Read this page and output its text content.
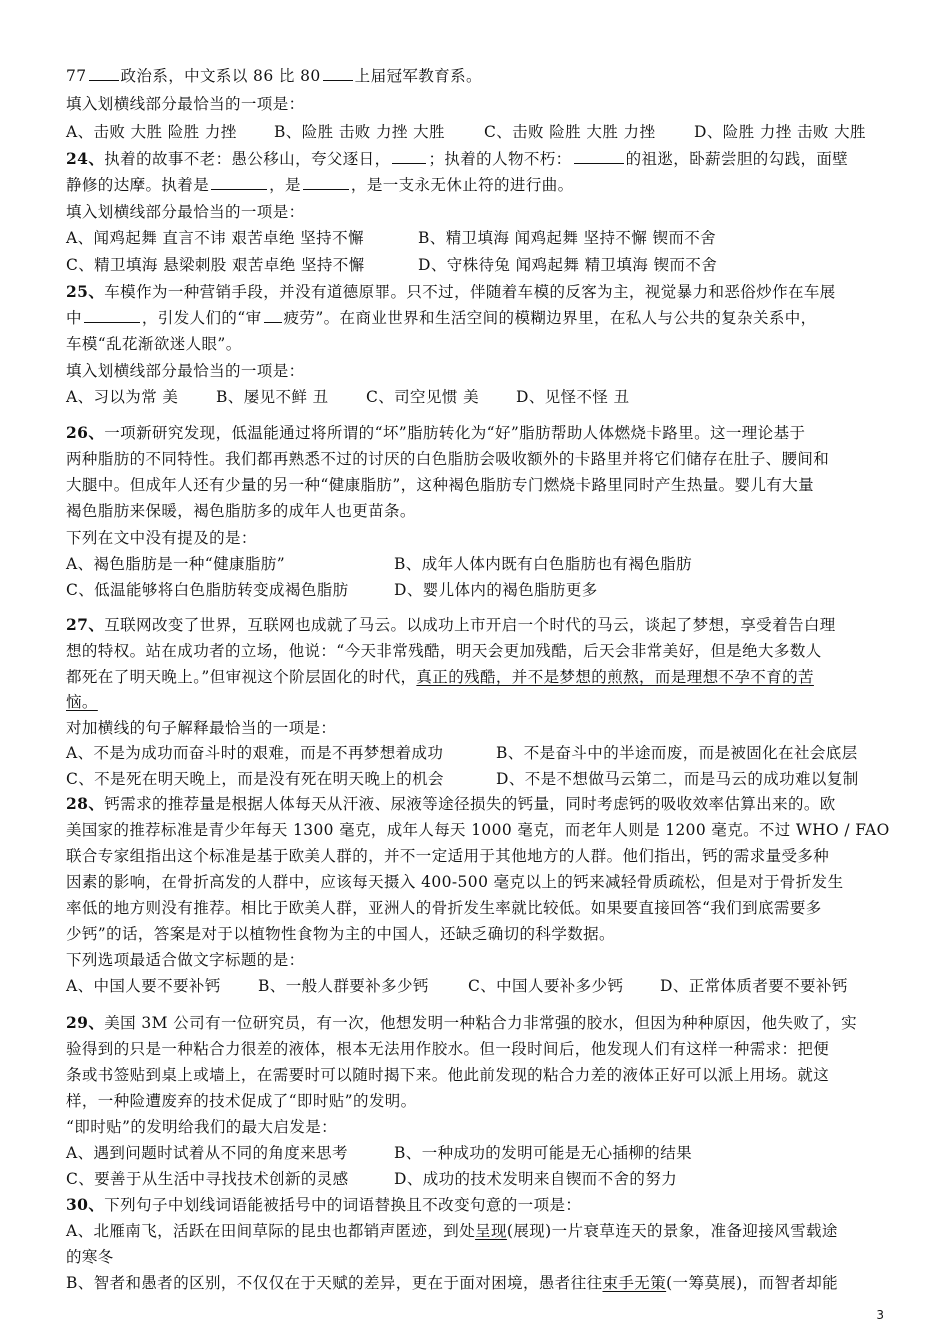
77 政治系，中文系以 86 比 80 上届冠军教育系。
填入划横线部分最恰当的一项是：
A、击败 大胜 险胜 力挫 B、险胜 击败 力挫 大胜	C、击败 险胜 大胜 力挫 D、险胜 力挫 击败 大胜
24、执着的故事不老：愚公移山，夸父逐日， ；执着的人物不朽：	的祖逖，卧薪尝胆的勾践，面壁
静修的达摩。执着是	，是	，是一支永无休止符的进行曲。
填入划横线部分最恰当的一项是：
A、闻鸡起舞 直言不讳 艰苦卓绝 坚持不懈	B、精卫填海 闻鸡起舞 坚持不懈 锲而不舍
C、精卫填海 悬梁刺股 艰苦卓绝 坚持不懈	D、守株待兔 闻鸡起舞 精卫填海 锲而不舍
25、车模作为一种营销手段，并没有道德原罪。只不过，伴随着车模的反客为主，视觉暴力和恶俗炒作在车展
中	，引发人们的“审 疲劳”。在商业世界和生活空间的模糊边界里，在私人与公共的复杂关系中，
车模“乱花渐欲迷人眼”。
填入划横线部分最恰当的一项是：
A、习以为常 美 B、屡见不鲜 丑 C、司空见惯 美 D、见怪不怪 丑
26、一项新研究发现，低温能通过将所谓的“坏”脂肪转化为“好”脂肪帮助人体燃烧卡路里。这一理论基于
两种脂肪的不同特性。我们都再熟悉不过的讨厌的白色脂肪会吸收额外的卡路里并将它们储存在肚子、腰间和
大腿中。但成年人还有少量的另一种“健康脂肪”，这种褐色脂肪专门燃烧卡路里同时产生热量。婴儿有大量
褐色脂肪来保暖，褐色脂肪多的成年人也更苗条。
下列在文中没有提及的是：
A、褐色脂肪是一种“健康脂肪”	B、成年人体内既有白色脂肪也有褐色脂肪
C、低温能够将白色脂肪转变成褐色脂肪	D、婴儿体内的褐色脂肪更多
27、互联网改变了世界，互联网也成就了马云。以成功上市开启一个时代的马云，谈起了梦想，享受着告白理
想的特权。站在成功者的立场，他说：“今天非常残酷，明天会更加残酷，后天会非常美好，但是绝大多数人
都死在了明天晚上。”但审视这个阶层固化的时代，真正的残酷，并不是梦想的煎熬，而是理想不孕不育的苦
恼。
对加横线的句子解释最恰当的一项是：
A、不是为成功而奋斗时的艰难，而是不再梦想着成功	B、不是奋斗中的半途而废，而是被固化在社会底层
C、不是死在明天晚上，而是没有死在明天晚上的机会	D、不是不想做马云第二，而是马云的成功难以复制
28、钙需求的推荐量是根据人体每天从汗液、尿液等途径损失的钙量，同时考虑钙的吸收效率估算出来的。欧
美国家的推荐标准是青少年每天 1300 毫克，成年人每天 1000 毫克，而老年人则是 1200 毫克。不过 WHO / FAO
联合专家组指出这个标准是基于欧美人群的，并不一定适用于其他地方的人群。他们指出，钙的需求量受多种
因素的影响，在骨折高发的人群中，应该每天摄入 400-500 毫克以上的钙来减轻骨质疏松，但是对于骨折发生
率低的地方则没有推荐。相比于欧美人群，亚洲人的骨折发生率就比较低。如果要直接回答“我们到底需要多
少钙”的话，答案是对于以植物性食物为主的中国人，还缺乏确切的科学数据。
下列选项最适合做文字标题的是：
A、中国人要不要补钙 B、一般人群要补多少钙	C、中国人要补多少钙 D、正常体质者要不要补钙
29、美国 3M 公司有一位研究员，有一次，他想发明一种粘合力非常强的胶水，但因为种种原因，他失败了，实
验得到的只是一种粘合力很差的液体，根本无法用作胶水。但一段时间后，他发现人们有这样一种需求：把便
条或书签贴到桌上或墙上，在需要时可以随时揭下来。他此前发现的粘合力差的液体正好可以派上用场。就这
样，一种险遭废弃的技术促成了“即时贴”的发明。
“即时贴”的发明给我们的最大启发是：
A、遇到问题时试着从不同的角度来思考	B、一种成功的发明可能是无心插柳的结果
C、要善于从生活中寻找技术创新的灵感	D、成功的技术发明来自锲而不舍的努力
30、下列句子中划线词语能被括号中的词语替换且不改变句意的一项是：
A、北雁南飞，活跃在田间草际的昆虫也都销声匿迹，到处呈现(展现)一片衰草连天的景象，准备迎接风雪载途
的寒冬
B、智者和愚者的区别，不仅仅在于天赋的差异，更在于面对困境，愚者往往束手无策(一筹莫展)，而智者却能
3
